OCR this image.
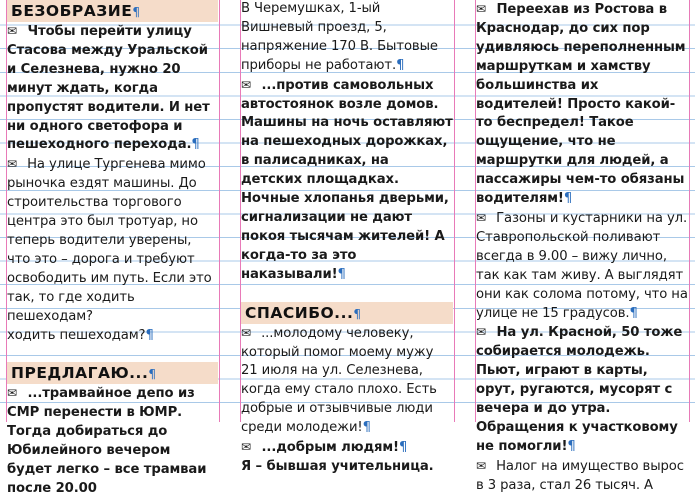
БЕЗОБРАЗИЕ¶

✉ Чтобы перейти улицу Стасова между Уральской и Селезнева, нужно 20 минут ждать, когда пропустят водители. И нет ни одного светофора и пешеходного перехода.¶

✉ На улице Тургенева мимо рыночка ездят машины. До строительства торгового центра это был тротуар, но теперь водители уверены, что это – дорога и требуют освободить им путь. Если это так, то где ходить пешеходам?

ходить пешеходам?¶

ПРЕДЛАГАЮ...¶

✉ ...трамвайное депо из СМР перенести в ЮМР. Тогда добираться до Юбилейного вечером будет легко – все трамваи после 20.00

В Черемушках, 1-ый Вишневый проезд, 5, напряжение 170 В. Бытовые приборы не работают.¶

✉ ...против самовольных автостоянок возле домов. Машины на ночь оставляют на пешеходных дорожках, в палисадниках, на детских площадках. Ночные хлопанья дверьми, сигнализации не дают покоя тысячам жителей! А когда-то за это наказывали!¶

СПАСИБО...¶

✉ ...молодому человеку, который помог моему мужу 21 июля на ул. Селезнева, когда ему стало плохо. Есть добрые и отзывчивые люди среди молодежи!¶

✉ ...добрым людям!¶

Я – бывшая учительница.

✉ Переехав из Ростова в Краснодар, до сих пор удивляюсь переполненным маршруткам и хамству большинства их водителей! Просто какой-то беспредел! Такое ощущение, что не маршрутки для людей, а пассажиры чем-то обязаны водителям!¶

✉ Газоны и кустарники на ул. Ставропольской поливают всегда в 9.00 – вижу лично, так как там живу. А выглядят они как солома потому, что на улице не 15 градусов.¶

✉ На ул. Красной, 50 тоже собирается молодежь. Пьют, играют в карты, орут, ругаются, мусорят с вечера и до утра. Обращения к участковому не помогли!¶

✉ Налог на имущество вырос в 3 раза, стал 26 тысяч. А
